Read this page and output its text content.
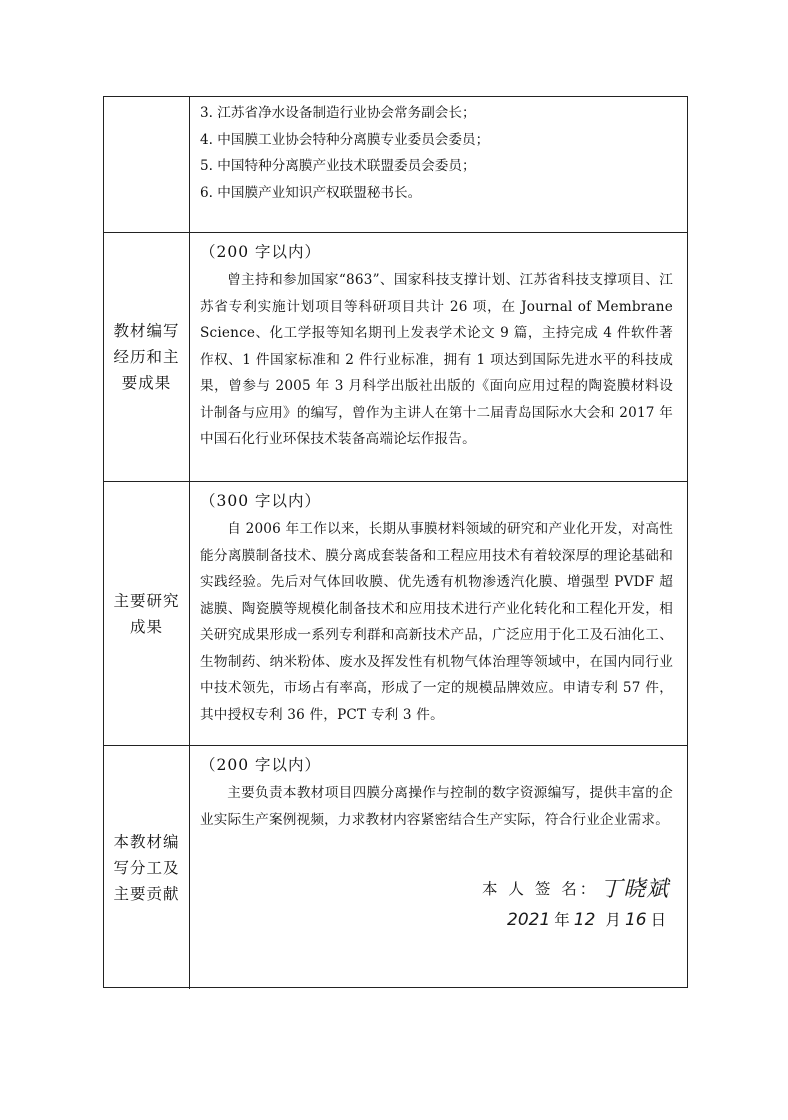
3. 江苏省净水设备制造行业协会常务副会长；
4. 中国膜工业协会特种分离膜专业委员会委员；
5. 中国特种分离膜产业技术联盟委员会委员；
6. 中国膜产业知识产权联盟秘书长。
教材编写经历和主要成果
（200 字以内）

曾主持和参加国家“863”、国家科技支撑计划、江苏省科技支撑项目、江苏省专利实施计划项目等科研项目共计 26 项，在 Journal of Membrane Science、化工学报等知名期刊上发表学术论文 9 篇，主持完成 4 件软件著作权、1 件国家标准和 2 件行业标准，拥有 1 项达到国际先进水平的科技成果，曾参与 2005 年 3 月科学出版社出版的《面向应用过程的陶瓷膜材料设计制备与应用》的编写，曾作为主讲人在第十二届青岛国际水大会和 2017 年中国石化行业环保技术装备高端论坛作报告。

主要研究成果
（300 字以内）

自 2006 年工作以来，长期从事膜材料领域的研究和产业化开发，对高性能分离膜制备技术、膜分离成套装备和工程应用技术有着较深厚的理论基础和实践经验。先后对气体回收膜、优先透有机物渗透汽化膜、增强型 PVDF 超滤膜、陶瓷膜等规模化制备技术和应用技术进行产业化转化和工程化开发，相关研究成果形成一系列专利群和高新技术产品，广泛应用于化工及石油化工、生物制药、纳米粉体、废水及挥发性有机物气体治理等领域中，在国内同行业中技术领先，市场占有率高，形成了一定的规模品牌效应。申请专利 57 件，其中授权专利 36 件，PCT 专利 3 件。

本教材编写分工及主要贡献
（200 字以内）

主要负责本教材项目四膜分离操作与控制的数字资源编写，提供丰富的企业实际生产案例视频，力求教材内容紧密结合生产实际，符合行业企业需求。

本 人 签 名： 丁晓斌
2021 年 12 月 16 日
